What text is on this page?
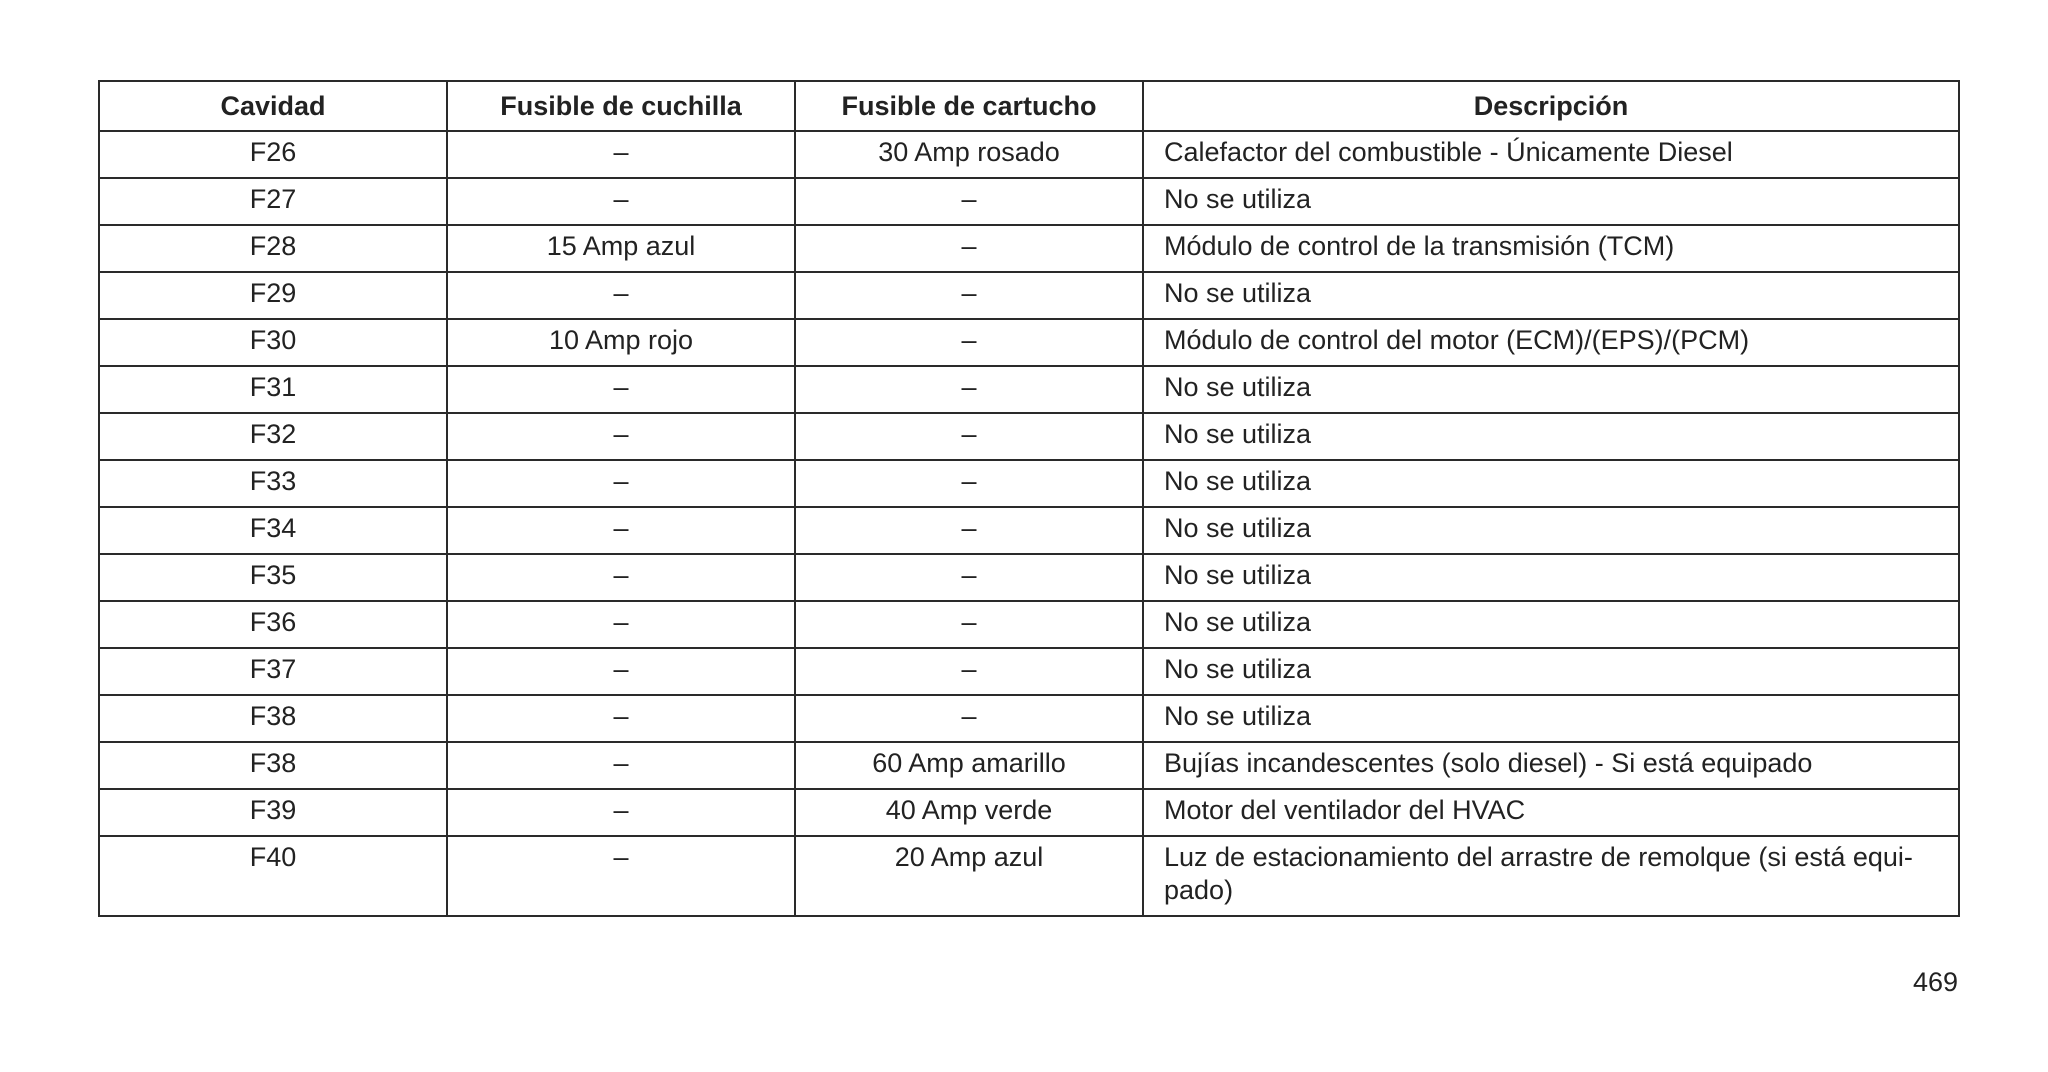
Cavidad	Fusible de cuchilla	Fusible de cartucho	Descripción
F26	–	30 Amp rosado	Calefactor del combustible - Únicamente Diesel
F27	–	–	No se utiliza
F28	15 Amp azul	–	Módulo de control de la transmisión (TCM)
F29	–	–	No se utiliza
F30	10 Amp rojo	–	Módulo de control del motor (ECM)/(EPS)/(PCM)
F31	–	–	No se utiliza
F32	–	–	No se utiliza
F33	–	–	No se utiliza
F34	–	–	No se utiliza
F35	–	–	No se utiliza
F36	–	–	No se utiliza
F37	–	–	No se utiliza
F38	–	–	No se utiliza
F38	–	60 Amp amarillo	Bujías incandescentes (solo diesel) - Si está equipado
F39	–	40 Amp verde	Motor del ventilador del HVAC
F40	–	20 Amp azul	Luz de estacionamiento del arrastre de remolque (si está equi-pado)
469
